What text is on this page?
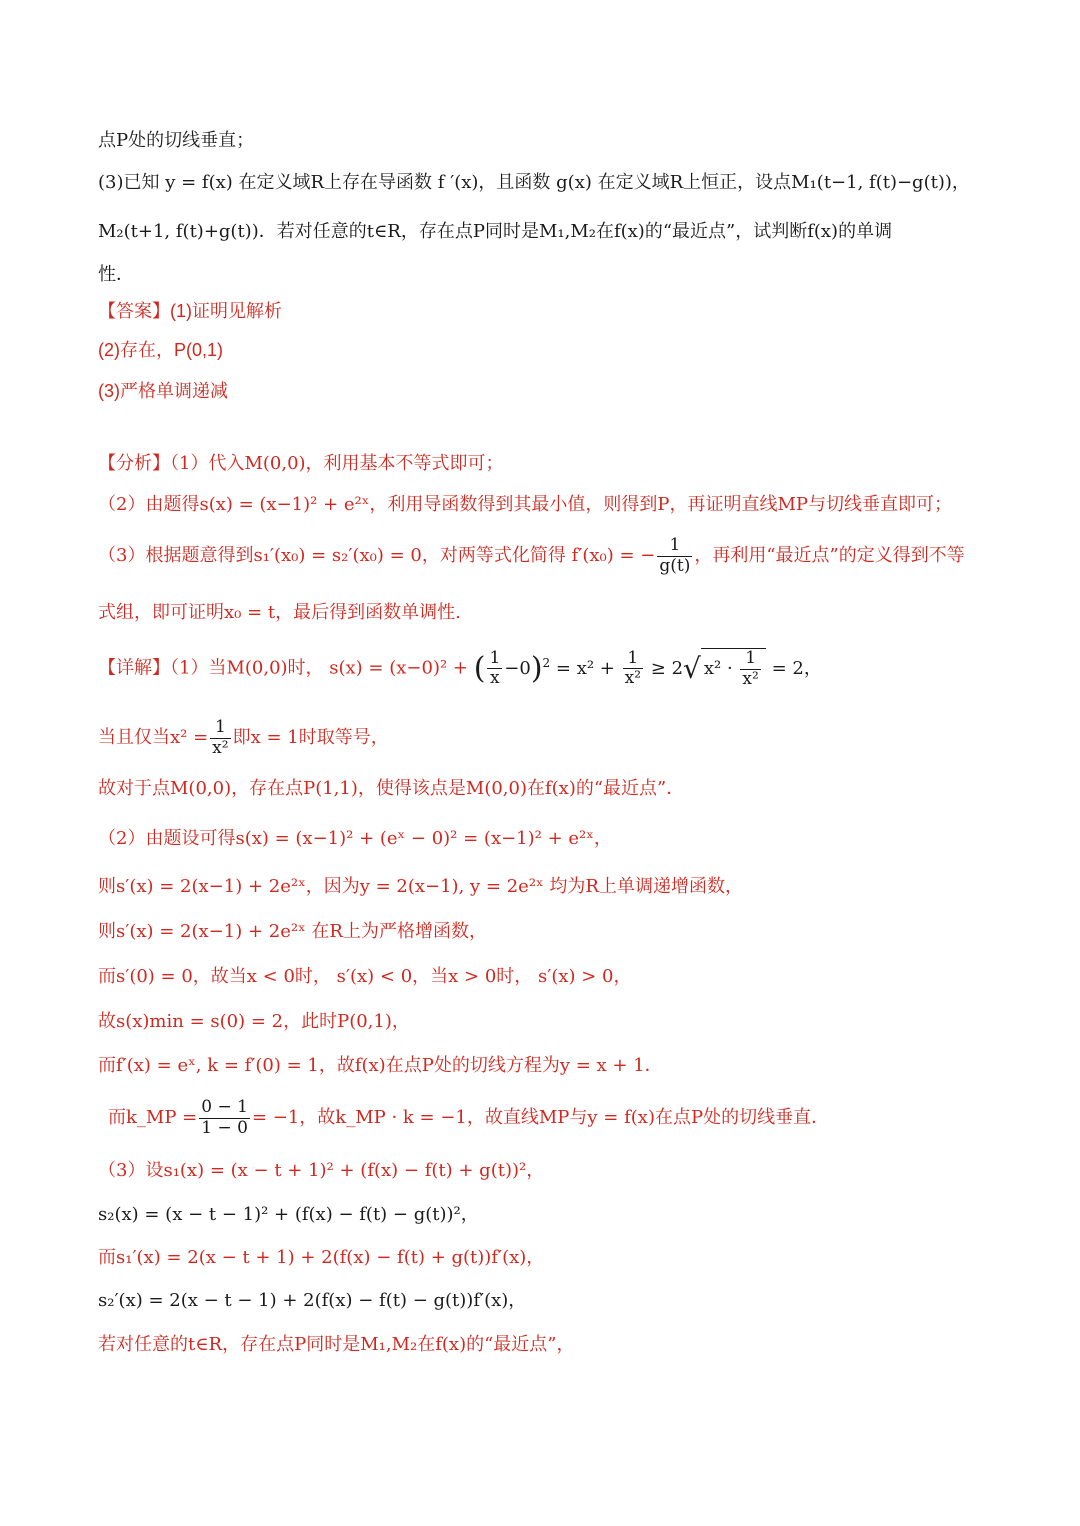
点P处的切线垂直；
(3)已知 y = f(x) 在定义域R上存在导函数 f ′(x)，且函数 g(x) 在定义域R上恒正，设点M₁(t−1, f(t)−g(t))，
M₂(t+1, f(t)+g(t))．若对任意的t∈R，存在点P同时是M₁,M₂在f(x)的“最近点”，试判断f(x)的单调
性．
【答案】(1)证明见解析
(2)存在，P(0,1)
(3)严格单调递减
【分析】（1）代入M(0,0)，利用基本不等式即可；
（2）由题得s(x) = (x−1)² + e²ˣ，利用导函数得到其最小值，则得到P，再证明直线MP与切线垂直即可；
（3）根据题意得到s₁′(x₀) = s₂′(x₀) = 0，对两等式化简得 f′(x₀) = − $\frac{1}{g(t)}$ ，再利用“最近点”的定义得到不等
式组，即可证明x₀ = t，最后得到函数单调性.
【详解】（1）当M(0,0)时， s(x) = (x−0)² + ( $\frac{1}{x} -0)^2 = x^2 + \frac{1}{\text{x²}} \ge 2√$ $x^2 \cdot \frac{1}{\text{x²}} = 2$，
当且仅当$x^2 = \frac{1}{\text{x²}}$ 即x = 1时取等号，
故对于点M(0,0)，存在点P(1,1)，使得该点是M(0,0)在f(x)的“最近点”．
（2）由题设可得s(x) = (x−1)² + (eˣ − 0)² = (x−1)² + e²ˣ，
则s′(x) = 2(x−1) + 2e²ˣ，因为y = 2(x−1), y = 2e²ˣ 均为R上单调递增函数，
则s′(x) = 2(x−1) + 2e²ˣ 在R上为严格增函数，
而s′(0) = 0，故当x < 0时， s′(x) < 0，当x > 0时， s′(x) > 0，
故s(x)min = s(0) = 2，此时P(0,1)，
而f′(x) = eˣ, k = f′(0) = 1，故f(x)在点P处的切线方程为y = x + 1．
而k_MP = $\frac{0 - 1}{1 - 0} = -1$，故k_MP · k = −1，故直线MP与y = f(x)在点P处的切线垂直．
（3）设s₁(x) = (x − t + 1)² + (f(x) − f(t) + g(t))²，
s₂(x) = (x − t − 1)² + (f(x) − f(t) − g(t))²，
而s₁′(x) = 2(x − t + 1) + 2(f(x) − f(t) + g(t))f′(x)，
s₂′(x) = 2(x − t − 1) + 2(f(x) − f(t) − g(t))f′(x)，
若对任意的t∈R，存在点P同时是M₁,M₂在f(x)的“最近点”，
